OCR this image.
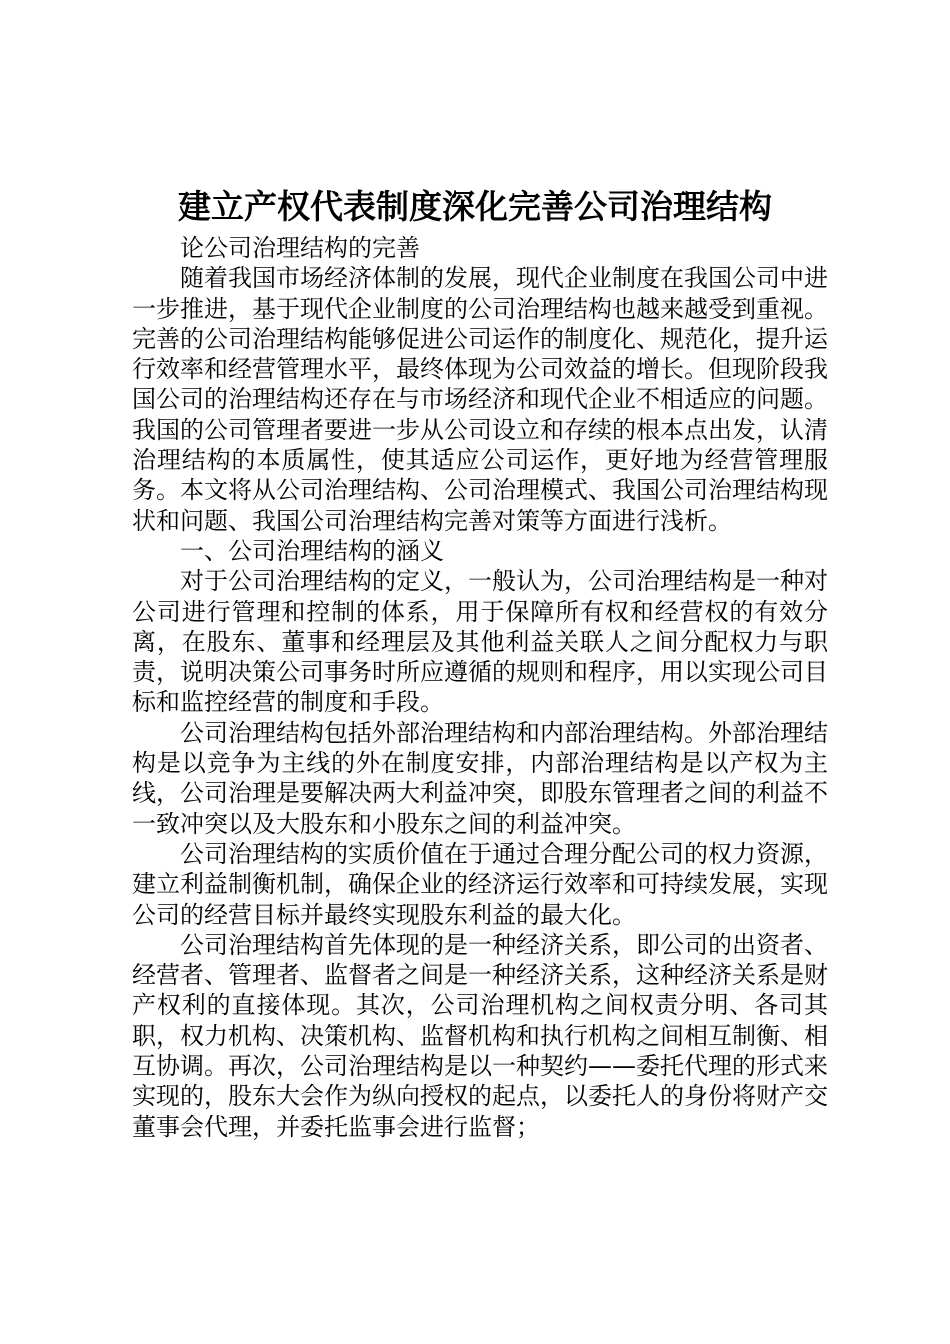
建立产权代表制度深化完善公司治理结构

论公司治理结构的完善

随着我国市场经济体制的发展，现代企业制度在我国公司中进一步推进，基于现代企业制度的公司治理结构也越来越受到重视。完善的公司治理结构能够促进公司运作的制度化、规范化，提升运行效率和经营管理水平，最终体现为公司效益的增长。但现阶段我国公司的治理结构还存在与市场经济和现代企业不相适应的问题。我国的公司管理者要进一步从公司设立和存续的根本点出发，认清治理结构的本质属性，使其适应公司运作，更好地为经营管理服务。本文将从公司治理结构、公司治理模式、我国公司治理结构现状和问题、我国公司治理结构完善对策等方面进行浅析。

一、公司治理结构的涵义

对于公司治理结构的定义，一般认为，公司治理结构是一种对公司进行管理和控制的体系，用于保障所有权和经营权的有效分离，在股东、董事和经理层及其他利益关联人之间分配权力与职责，说明决策公司事务时所应遵循的规则和程序，用以实现公司目标和监控经营的制度和手段。

公司治理结构包括外部治理结构和内部治理结构。外部治理结构是以竞争为主线的外在制度安排，内部治理结构是以产权为主线，公司治理是要解决两大利益冲突，即股东管理者之间的利益不一致冲突以及大股东和小股东之间的利益冲突。

公司治理结构的实质价值在于通过合理分配公司的权力资源，建立利益制衡机制，确保企业的经济运行效率和可持续发展，实现公司的经营目标并最终实现股东利益的最大化。

公司治理结构首先体现的是一种经济关系，即公司的出资者、经营者、管理者、监督者之间是一种经济关系，这种经济关系是财产权利的直接体现。其次，公司治理机构之间权责分明、各司其职，权力机构、决策机构、监督机构和执行机构之间相互制衡、相互协调。再次，公司治理结构是以一种契约——委托代理的形式来实现的，股东大会作为纵向授权的起点，以委托人的身份将财产交董事会代理，并委托监事会进行监督；
